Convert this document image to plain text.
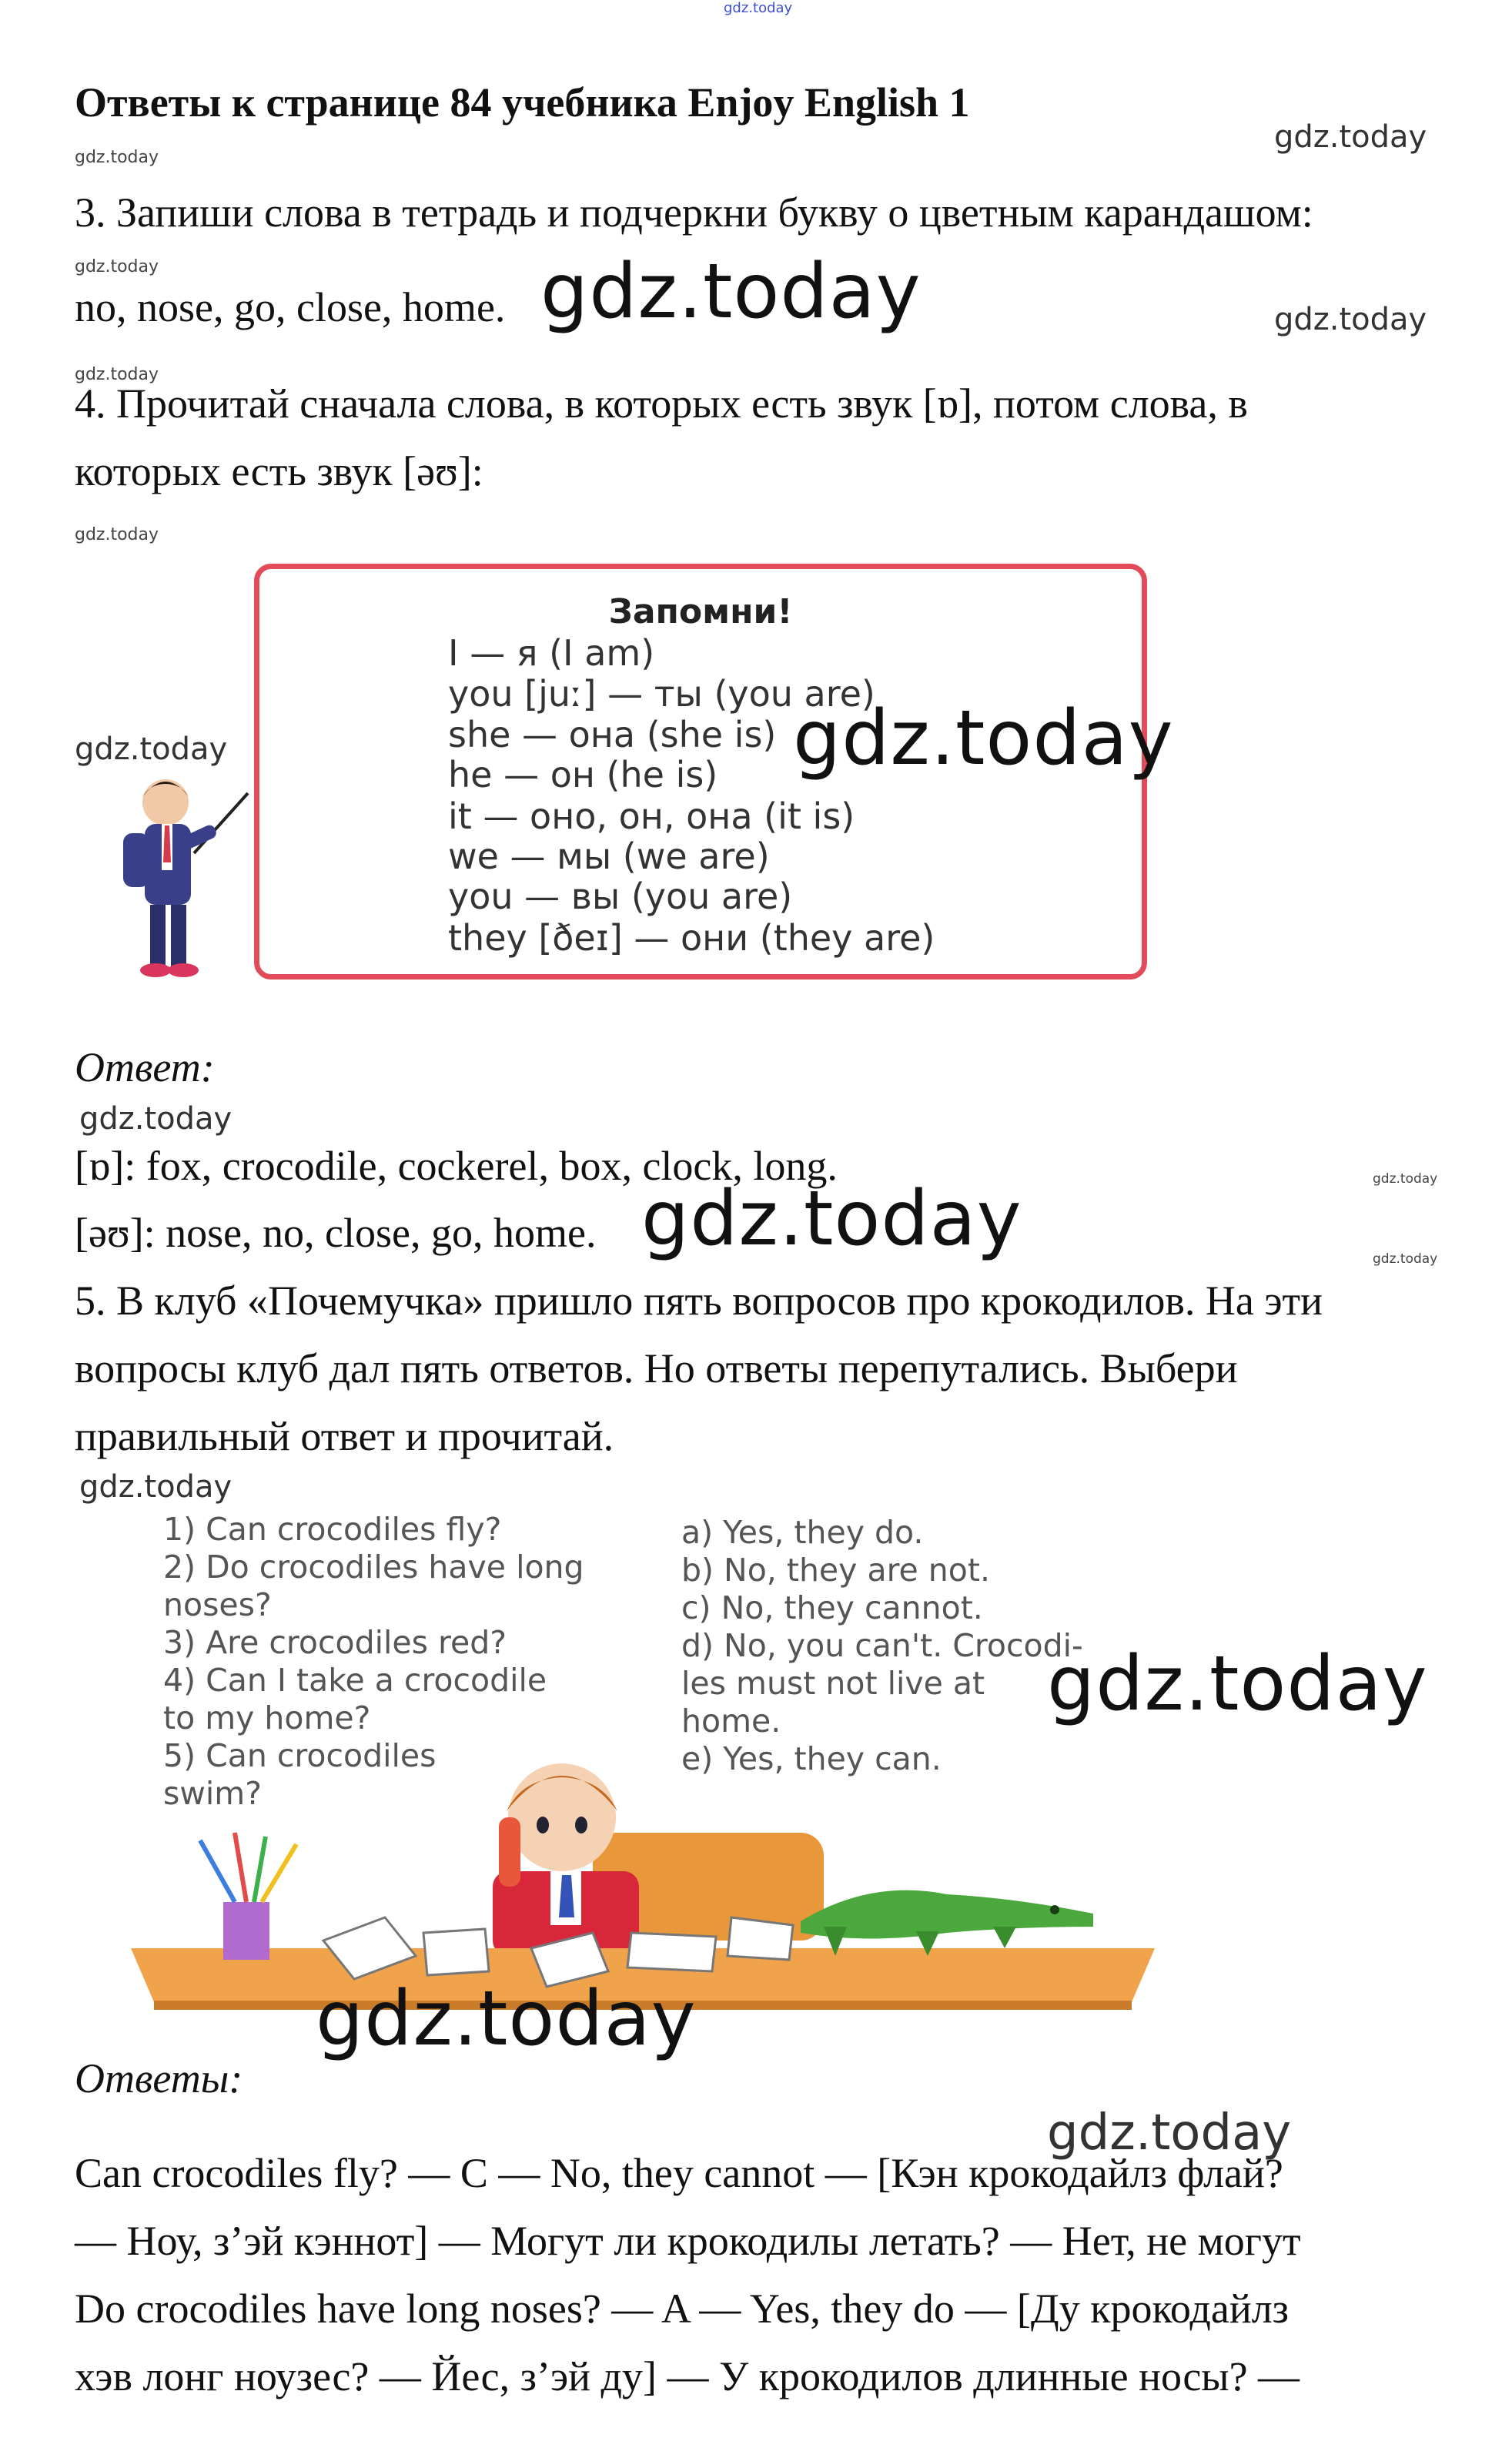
gdz.today
Ответы к странице 84 учебника Enjoy English 1
gdz.today
gdz.today
3. Запиши слова в тетрадь и подчеркни букву о цветным карандашом:
gdz.today
no, nose, go, close, home. gdz.today	gdz.today
gdz.today
4. Прочитай сначала слова, в которых есть звук [ɒ], потом слова, в
которых есть звук [əʊ]:
gdz.today
gdz.today
Запомни!
I — я (I am)
you [juː] — ты (you are)
she — она (she is)
he — он (he is)
it — оно, он, она (it is)
we — мы (we are)
you — вы (you are)
they [ðeɪ] — они (they are)
gdz.today
Ответ:
gdz.today
[ɒ]: fox, crocodile, cockerel, box, clock, long.	gdz.today
[əʊ]: nose, no, close, go, home. gdz.today	gdz.today
5. В клуб «Почемучка» пришло пять вопросов про крокодилов. На эти
вопросы клуб дал пять ответов. Но ответы перепутались. Выбери
правильный ответ и прочитай.
gdz.today
1) Can crocodiles fly?
2) Do crocodiles have long
noses?
3) Are crocodiles red?
4) Can I take a crocodile
to my home?
5) Can crocodiles
swim?
a) Yes, they do.
b) No, they are not.
c) No, they cannot.
d) No, you can't. Crocodi-
les must not live at
home.
e) Yes, they can.
gdz.today
gdz.today
Ответы:
gdz.today
Can crocodiles fly? — C — No, they cannot — [Кэн крокодайлз флай?
— Ноу, з’эй кэннот] — Могут ли крокодилы летать? — Нет, не могут
Do crocodiles have long noses? — A — Yes, they do — [Ду крокодайлз
хэв лонг ноузес? — Йес, з’эй ду] — У крокодилов длинные носы? —
